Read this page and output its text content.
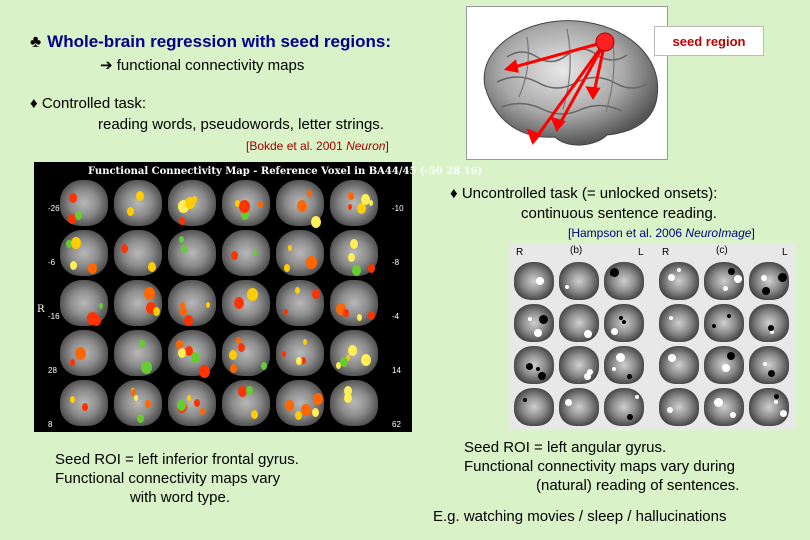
♣ Whole-brain regression with seed regions:
➔ functional connectivity maps
♦ Controlled task:
reading words, pseudowords, letter strings.
[Bokde et al. 2001 Neuron]
seed region
Functional Connectivity Map - Reference Voxel in BA44/45 (-50 28 16)
R
-26
-6
-16
28
8
-10
-8
-4
14
62
♦ Uncontrolled task (= unlocked onsets):
continuous sentence reading.
[Hampson et al. 2006 NeuroImage]
R	(b)	L R	(c)	L
Seed ROI = left inferior frontal gyrus.
Functional connectivity maps vary
with word type.
Seed ROI = left angular gyrus.
Functional connectivity maps vary during
(natural) reading of sentences.
E.g. watching movies / sleep / hallucinations
